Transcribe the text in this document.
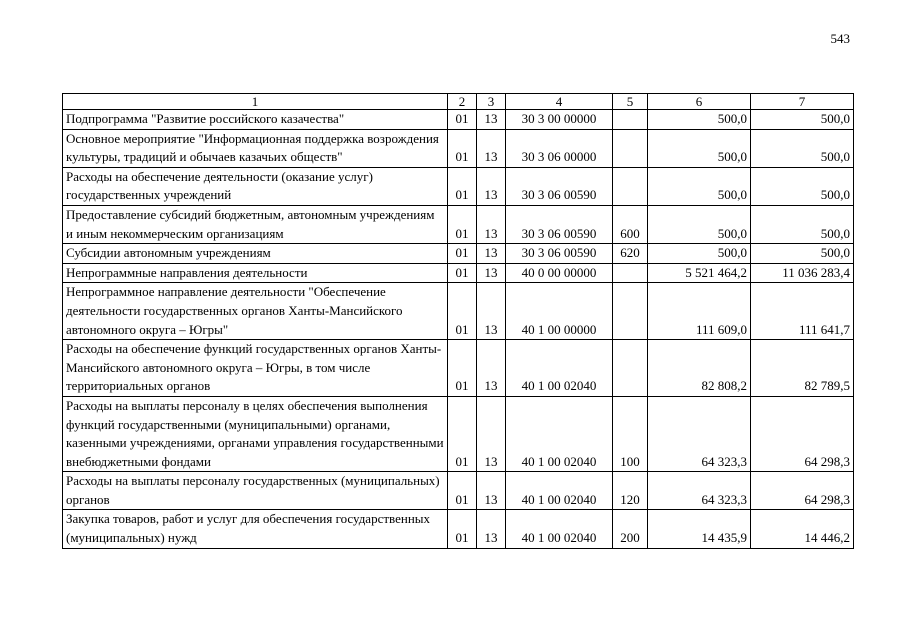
543
1	2	3	4	5	6	7
Подпрограмма "Развитие российского казачества"	01	13	30 3 00 00000		500,0	500,0
Основное мероприятие "Информационная поддержка возрождения культуры, традиций и обычаев казачьих обществ"	01	13	30 3 06 00000		500,0	500,0
Расходы на обеспечение деятельности (оказание услуг) государственных учреждений	01	13	30 3 06 00590		500,0	500,0
Предоставление субсидий бюджетным, автономным учреждениям и иным некоммерческим организациям	01	13	30 3 06 00590	600	500,0	500,0
Субсидии автономным учреждениям	01	13	30 3 06 00590	620	500,0	500,0
Непрограммные направления деятельности	01	13	40 0 00 00000		5 521 464,2	11 036 283,4
Непрограммное направление деятельности "Обеспечение деятельности государственных органов Ханты-Мансийского автономного округа – Югры"	01	13	40 1 00 00000		111 609,0	111 641,7
Расходы на обеспечение функций государственных органов Ханты-Мансийского автономного округа – Югры, в том числе территориальных органов	01	13	40 1 00 02040		82 808,2	82 789,5
Расходы на выплаты персоналу в целях обеспечения выполнения функций государственными (муниципальными) органами, казенными учреждениями, органами управления государственными внебюджетными фондами	01	13	40 1 00 02040	100	64 323,3	64 298,3
Расходы на выплаты персоналу государственных (муниципальных) органов	01	13	40 1 00 02040	120	64 323,3	64 298,3
Закупка товаров, работ и услуг для обеспечения государственных (муниципальных) нужд	01	13	40 1 00 02040	200	14 435,9	14 446,2
